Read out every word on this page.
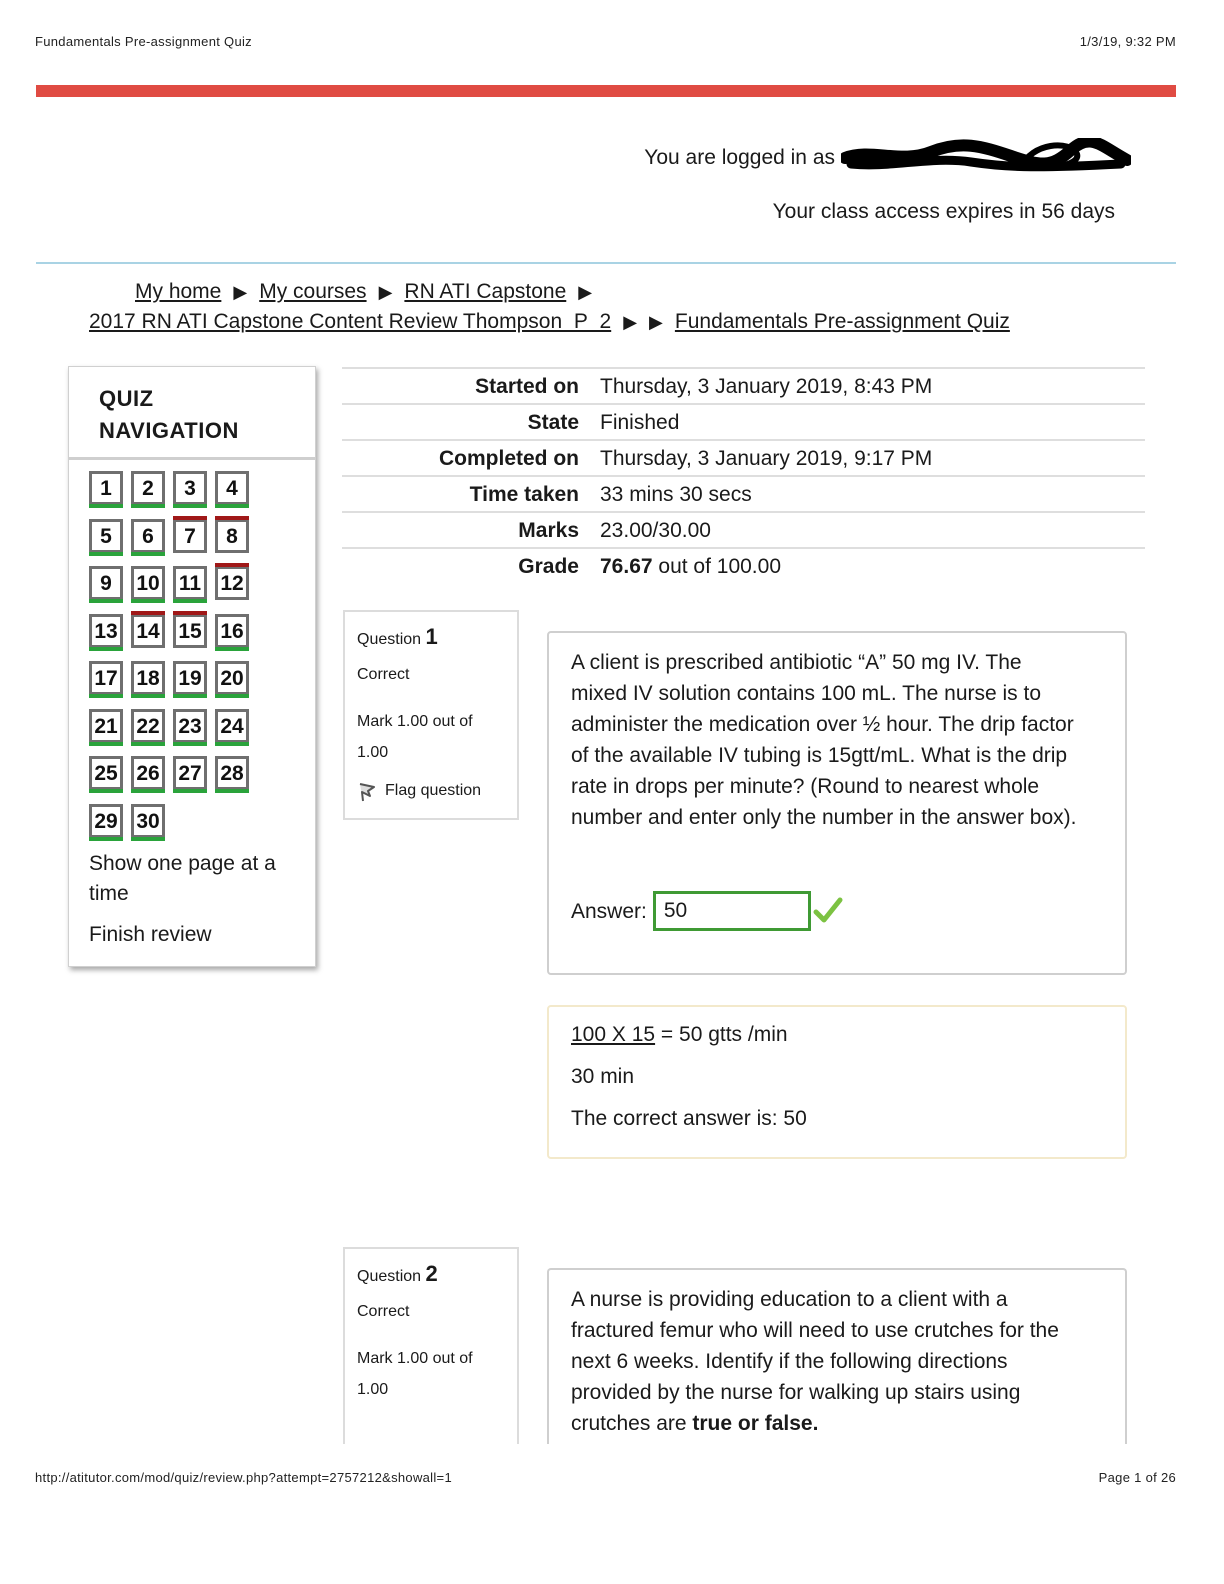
Fundamentals Pre-assignment Quiz	1/3/19, 9:32 PM
You are logged in as
Your class access expires in 56 days
My home ▶ My courses ▶ RN ATI Capstone ▶
2017 RN ATI Capstone Content Review Thompson_P_2 ▶ ▶ Fundamentals Pre-assignment Quiz
QUIZ
NAVIGATION
1	2	3	4
5	6	7	8
9	10 11 12
13 14 15 16
17 18 19 20
21 22 23 24
25 26 27 28
29 30
Show one page at a
time
Finish review
Started on Thursday, 3 January 2019, 8:43 PM
State Finished
Completed on Thursday, 3 January 2019, 9:17 PM
Time taken 33 mins 30 secs
Marks 23.00/30.00
Grade 76.67 out of 100.00
Question 1
Correct
Mark 1.00 out of 1.00
Flag question
A client is prescribed antibiotic “A” 50 mg IV. The mixed IV solution contains 100 mL. The nurse is to administer the medication over ½ hour. The drip factor of the available IV tubing is 15gtt/mL. What is the drip rate in drops per minute? (Round to nearest whole number and enter only the number in the answer box).
Answer:
50
100 X 15 = 50 gtts /min
30 min
The correct answer is: 50
Question 2
Correct
Mark 1.00 out of 1.00
A nurse is providing education to a client with a fractured femur who will need to use crutches for the next 6 weeks. Identify if the following directions provided by the nurse for walking up stairs using crutches are true or false.
http://atitutor.com/mod/quiz/review.php?attempt=2757212&showall=1	Page 1 of 26
